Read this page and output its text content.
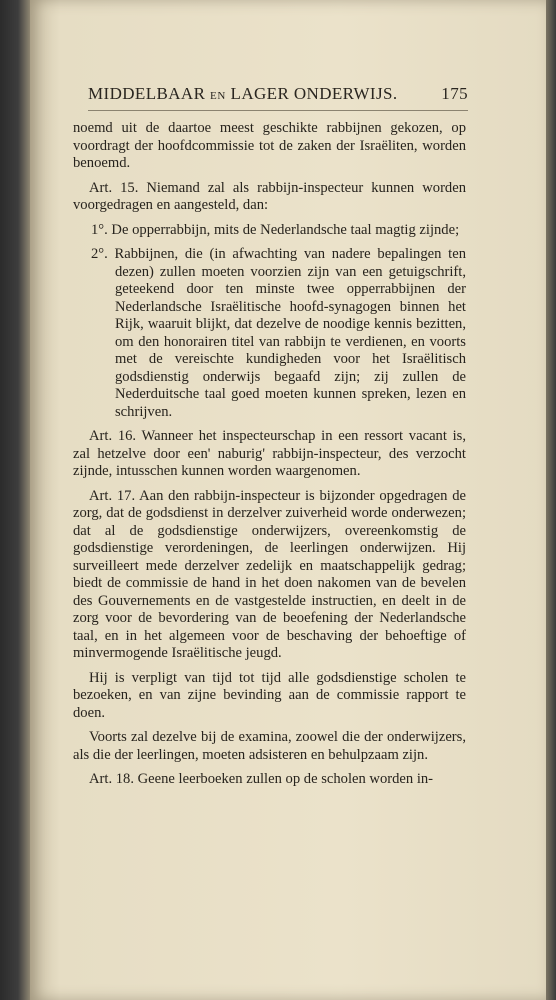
MIDDELBAAR EN LAGER ONDERWIJS.	175

noemd uit de daartoe meest geschikte rabbijnen gekozen, op voordragt der hoofdcommissie tot de zaken der Israëliten, worden benoemd.

Art. 15. Niemand zal als rabbijn-inspecteur kunnen worden voorgedragen en aangesteld, dan:

1°. De opperrabbijn, mits de Nederlandsche taal magtig zijnde;

2°. Rabbijnen, die (in afwachting van nadere bepalingen ten dezen) zullen moeten voorzien zijn van een getuigschrift, geteekend door ten minste twee opperrabbijnen der Nederlandsche Israëlitische hoofd-synagogen binnen het Rijk, waaruit blijkt, dat dezelve de noodige kennis bezitten, om den honorairen titel van rabbijn te verdienen, en voorts met de vereischte kundigheden voor het Israëlitisch godsdienstig onderwijs begaafd zijn; zij zullen de Nederduitsche taal goed moeten kunnen spreken, lezen en schrijven.

Art. 16. Wanneer het inspecteurschap in een ressort vacant is, zal hetzelve door een' naburig' rabbijn-inspecteur, des verzocht zijnde, intusschen kunnen worden waargenomen.

Art. 17. Aan den rabbijn-inspecteur is bijzonder opgedragen de zorg, dat de godsdienst in derzelver zuiverheid worde onderwezen; dat al de godsdienstige onderwijzers, overeenkomstig de godsdienstige verordeningen, de leerlingen onderwijzen. Hij surveilleert mede derzelver zedelijk en maatschappelijk gedrag; biedt de commissie de hand in het doen nakomen van de bevelen des Gouvernements en de vastgestelde instructien, en deelt in de zorg voor de bevordering van de beoefening der Nederlandsche taal, en in het algemeen voor de beschaving der behoeftige of minvermogende Israëlitische jeugd.

Hij is verpligt van tijd tot tijd alle godsdienstige scholen te bezoeken, en van zijne bevinding aan de commissie rapport te doen.

Voorts zal dezelve bij de examina, zoowel die der onderwijzers, als die der leerlingen, moeten adsisteren en behulpzaam zijn.

Art. 18. Geene leerboeken zullen op de scholen worden in-
